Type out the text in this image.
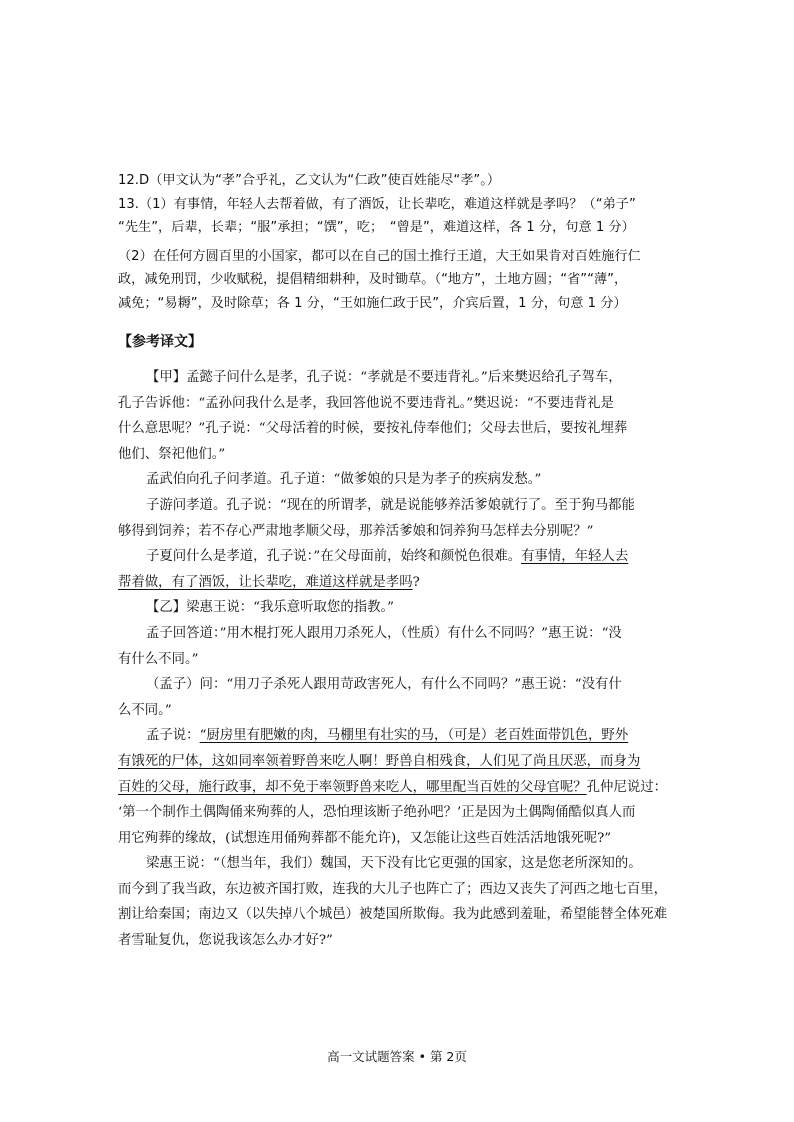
12.D（甲文认为“孝”合乎礼，乙文认为“仁政”使百姓能尽“孝”。）
13.（1）有事情，年轻人去帮着做，有了酒饭，让长辈吃，难道这样就是孝吗？（“弟子”
“先生”，后辈，长辈；“服”承担；“馔”，吃；　“曾是”，难道这样，各 1 分，句意 1 分）
（2）在任何方圆百里的小国家，都可以在自己的国土推行王道，大王如果肯对百姓施行仁
政，减免刑罚，少收赋税，提倡精细耕种，及时锄草。（“地方”，土地方圆；“省”“薄”，
减免；“易耨”，及时除草；各 1 分，“王如施仁政于民”，介宾后置，1 分，句意 1 分）
【参考译文】
【甲】孟懿子问什么是孝，孔子说：“孝就是不要违背礼。”后来樊迟给孔子驾车，
孔子告诉他：“孟孙问我什么是孝，我回答他说不要违背礼。”樊迟说：“不要违背礼是
什么意思呢？”孔子说：“父母活着的时候，要按礼侍奉他们；父母去世后，要按礼埋葬
他们、祭祀他们。”
孟武伯向孔子问孝道。孔子道：“做爹娘的只是为孝子的疾病发愁。”
子游问孝道。孔子说：“现在的所谓孝，就是说能够养活爹娘就行了。至于狗马都能
够得到饲养；若不存心严肃地孝顺父母，那养活爹娘和饲养狗马怎样去分别呢？”
子夏问什么是孝道，孔子说：”在父母面前，始终和颜悦色很难。有事情，年轻人去
帮着做，有了酒饭，让长辈吃，难道这样就是孝吗?
【乙】梁惠王说：“我乐意听取您的指教。”
孟子回答道：”用木棍打死人跟用刀杀死人，（性质）有什么不同吗？”惠王说：“没
有什么不同。”
（孟子）问：“用刀子杀死人跟用苛政害死人，有什么不同吗？”惠王说：“没有什
么不同。”
孟子说：“厨房里有肥嫩的肉，马棚里有壮实的马，（可是）老百姓面带饥色，野外
有饿死的尸体，这如同率领着野兽来吃人啊！野兽自相残食，人们见了尚且厌恶，而身为
百姓的父母，施行政事，却不免于率领野兽来吃人，哪里配当百姓的父母官呢？孔仲尼说过：
‘第一个制作土偶陶俑来殉葬的人，恐怕理该断子绝孙吧？’正是因为土偶陶俑酷似真人而
用它殉葬的缘故，(试想连用俑殉葬都不能允许)，又怎能让这些百姓活活地饿死呢?”
梁惠王说：“（想当年，我们）魏国，天下没有比它更强的国家，这是您老所深知的。
而今到了我当政，东边被齐国打败，连我的大儿子也阵亡了；西边又丧失了河西之地七百里，
割让给秦国；南边又（以失掉八个城邑）被楚国所欺侮。我为此感到羞耻，希望能替全体死难
者雪耻复仇，您说我该怎么办才好?”
高一文试题答案 • 第 2页
